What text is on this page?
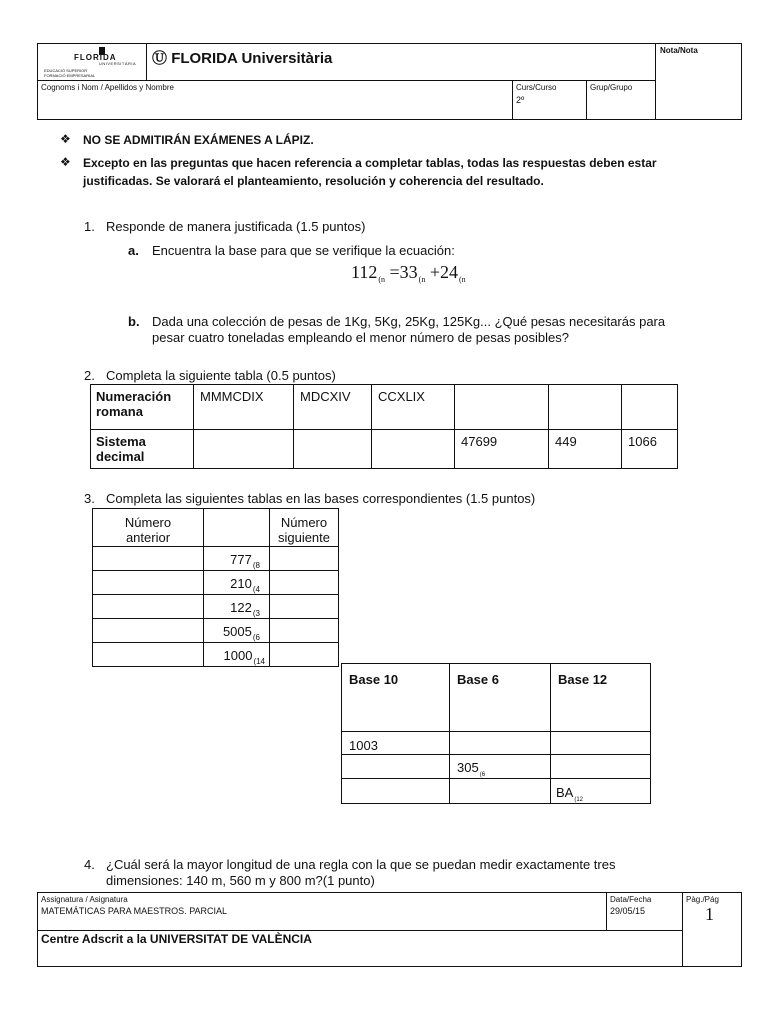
FLORIDA
UNIVERSITÀRIA
EDUCACIÓ SUPERIOR
FORMACIÓ EMPRESARIAL
Ⓤ FLORIDA Universitària	Nota/Nota
Cognoms i Nom / Apellidos y Nombre	Curs/Curso
2º
Grup/Grupo
❖ NO SE ADMITIRÁN EXÁMENES A LÁPIZ.
❖ Excepto en las preguntas que hacen referencia a completar tablas, todas las respuestas deben estar
justificadas. Se valorará el planteamiento, resolución y coherencia del resultado.
1. Responde de manera justificada (1.5 puntos)
a. Encuentra la base para que se verifique la ecuación:
$112_{(n} =33_{(n} +24_{(n}$
b. Dada una colección de pesas de 1Kg, 5Kg, 25Kg, 125Kg... ¿Qué pesas necesitarás para
pesar cuatro toneladas empleando el menor número de pesas posibles?
2. Completa la siguiente tabla (0.5 puntos)
Numeración
romana	MMMCDIX	MDCXIV	CCXLIX			
Sistema
decimal				47699	449	1066
3. Completa las siguientes tablas en las bases correspondientes (1.5 puntos)
Número
anterior		Número
siguiente
	$777_{(8}$	
	$210_{(4}$	
	$122_{(3}$	
	$5005_{(6}$	
	$1000_{(14}$	
Base 10	Base 6	Base 12
1003		
	$305_{(6}$	
		$BA_{(12}$
4. ¿Cuál será la mayor longitud de una regla con la que se puedan medir exactamente tres
dimensiones: 140 m, 560 m y 800 m?(1 punto)
Assignatura / Asignatura
MATEMÁTICAS PARA MAESTROS. PARCIAL
Data/Fecha
29/05/15
Pàg./Pág
1
Centre Adscrit a la UNIVERSITAT DE VALÈNCIA
